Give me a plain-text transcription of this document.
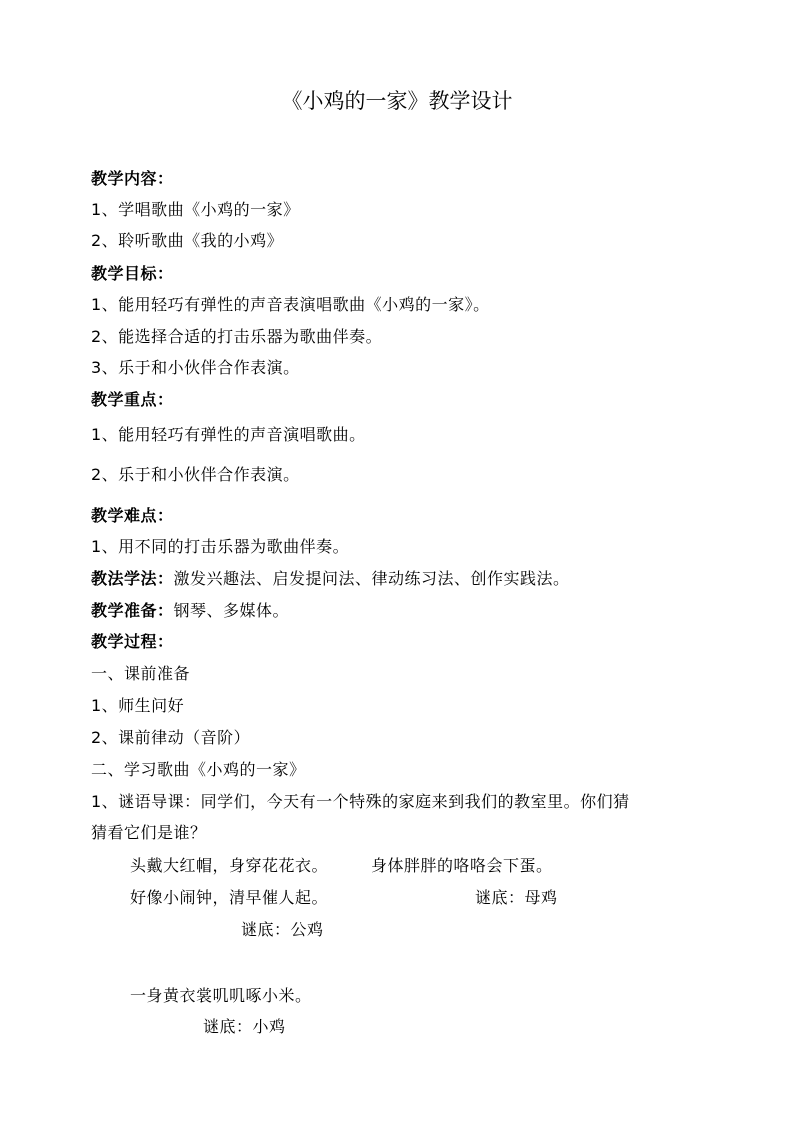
《小鸡的一家》教学设计
教学内容：
1、学唱歌曲《小鸡的一家》
2、聆听歌曲《我的小鸡》
教学目标：
1、能用轻巧有弹性的声音表演唱歌曲《小鸡的一家》。
2、能选择合适的打击乐器为歌曲伴奏。
3、乐于和小伙伴合作表演。
教学重点：
1、能用轻巧有弹性的声音演唱歌曲。
2、乐于和小伙伴合作表演。
教学难点：
1、用不同的打击乐器为歌曲伴奏。
教法学法：激发兴趣法、启发提问法、律动练习法、创作实践法。
教学准备：钢琴、多媒体。
教学过程：
一、课前准备
1、师生问好
2、课前律动（音阶）
二、学习歌曲《小鸡的一家》
1、谜语导课：同学们，今天有一个特殊的家庭来到我们的教室里。你们猜
猜看它们是谁？
头戴大红帽，身穿花花衣。	身体胖胖的咯咯会下蛋。
好像小闹钟，清早催人起。	谜底：母鸡
谜底：公鸡
一身黄衣裳叽叽啄小米。
谜底：小鸡
